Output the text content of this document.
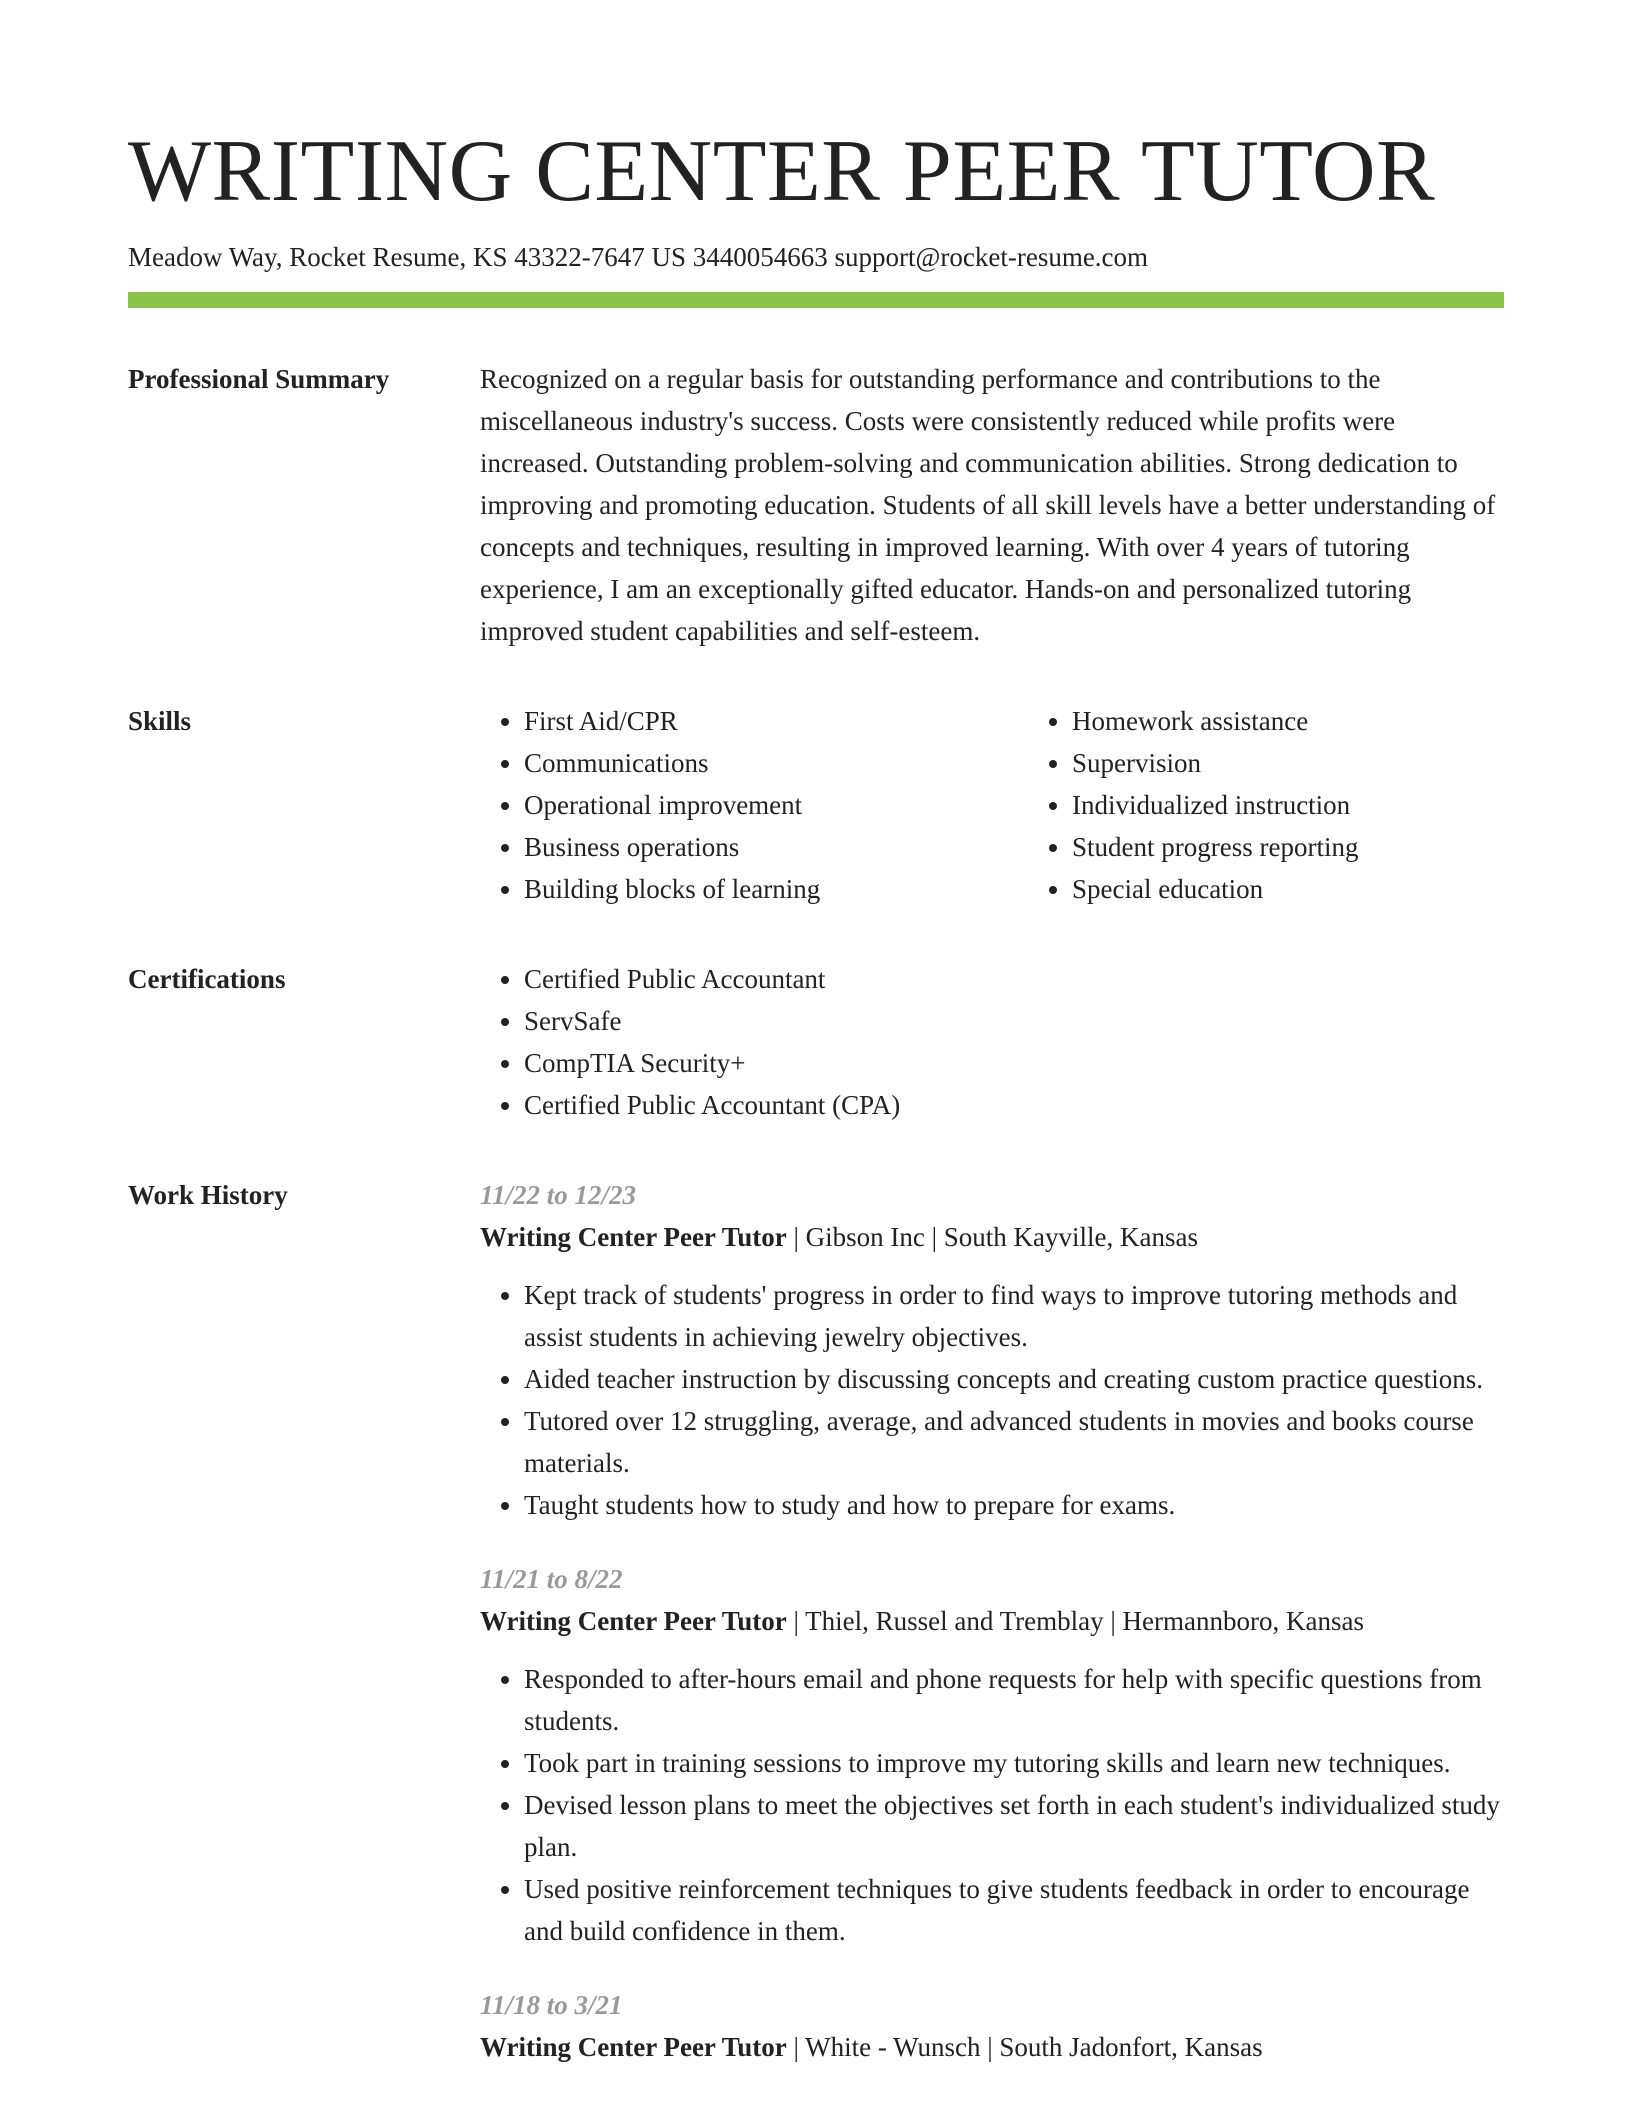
WRITING CENTER PEER TUTOR
Meadow Way, Rocket Resume, KS 43322-7647 US 3440054663 support@rocket-resume.com
Professional Summary	Recognized on a regular basis for outstanding performance and contributions to the miscellaneous industry's success. Costs were consistently reduced while profits were increased. Outstanding problem-solving and communication abilities. Strong dedication to improving and promoting education. Students of all skill levels have a better understanding of concepts and techniques, resulting in improved learning. With over 4 years of tutoring experience, I am an exceptionally gifted educator. Hands-on and personalized tutoring improved student capabilities and self-esteem.

Skills	• First Aid/CPR
• Communications
• Operational improvement
• Business operations
• Building blocks of learning
• Homework assistance
• Supervision
• Individualized instruction
• Student progress reporting
• Special education
Certifications	• Certified Public Accountant
• ServSafe
• CompTIA Security+
• Certified Public Accountant (CPA)
Work History	11/22 to 12/23
Writing Center Peer Tutor | Gibson Inc | South Kayville, Kansas
• Kept track of students' progress in order to find ways to improve tutoring methods and assist students in achieving jewelry objectives.
• Aided teacher instruction by discussing concepts and creating custom practice questions.
• Tutored over 12 struggling, average, and advanced students in movies and books course materials.
• Taught students how to study and how to prepare for exams.
11/21 to 8/22
Writing Center Peer Tutor | Thiel, Russel and Tremblay | Hermannboro, Kansas
• Responded to after-hours email and phone requests for help with specific questions from students.
• Took part in training sessions to improve my tutoring skills and learn new techniques.
• Devised lesson plans to meet the objectives set forth in each student's individualized study plan.
• Used positive reinforcement techniques to give students feedback in order to encourage and build confidence in them.
11/18 to 3/21
Writing Center Peer Tutor | White - Wunsch | South Jadonfort, Kansas
